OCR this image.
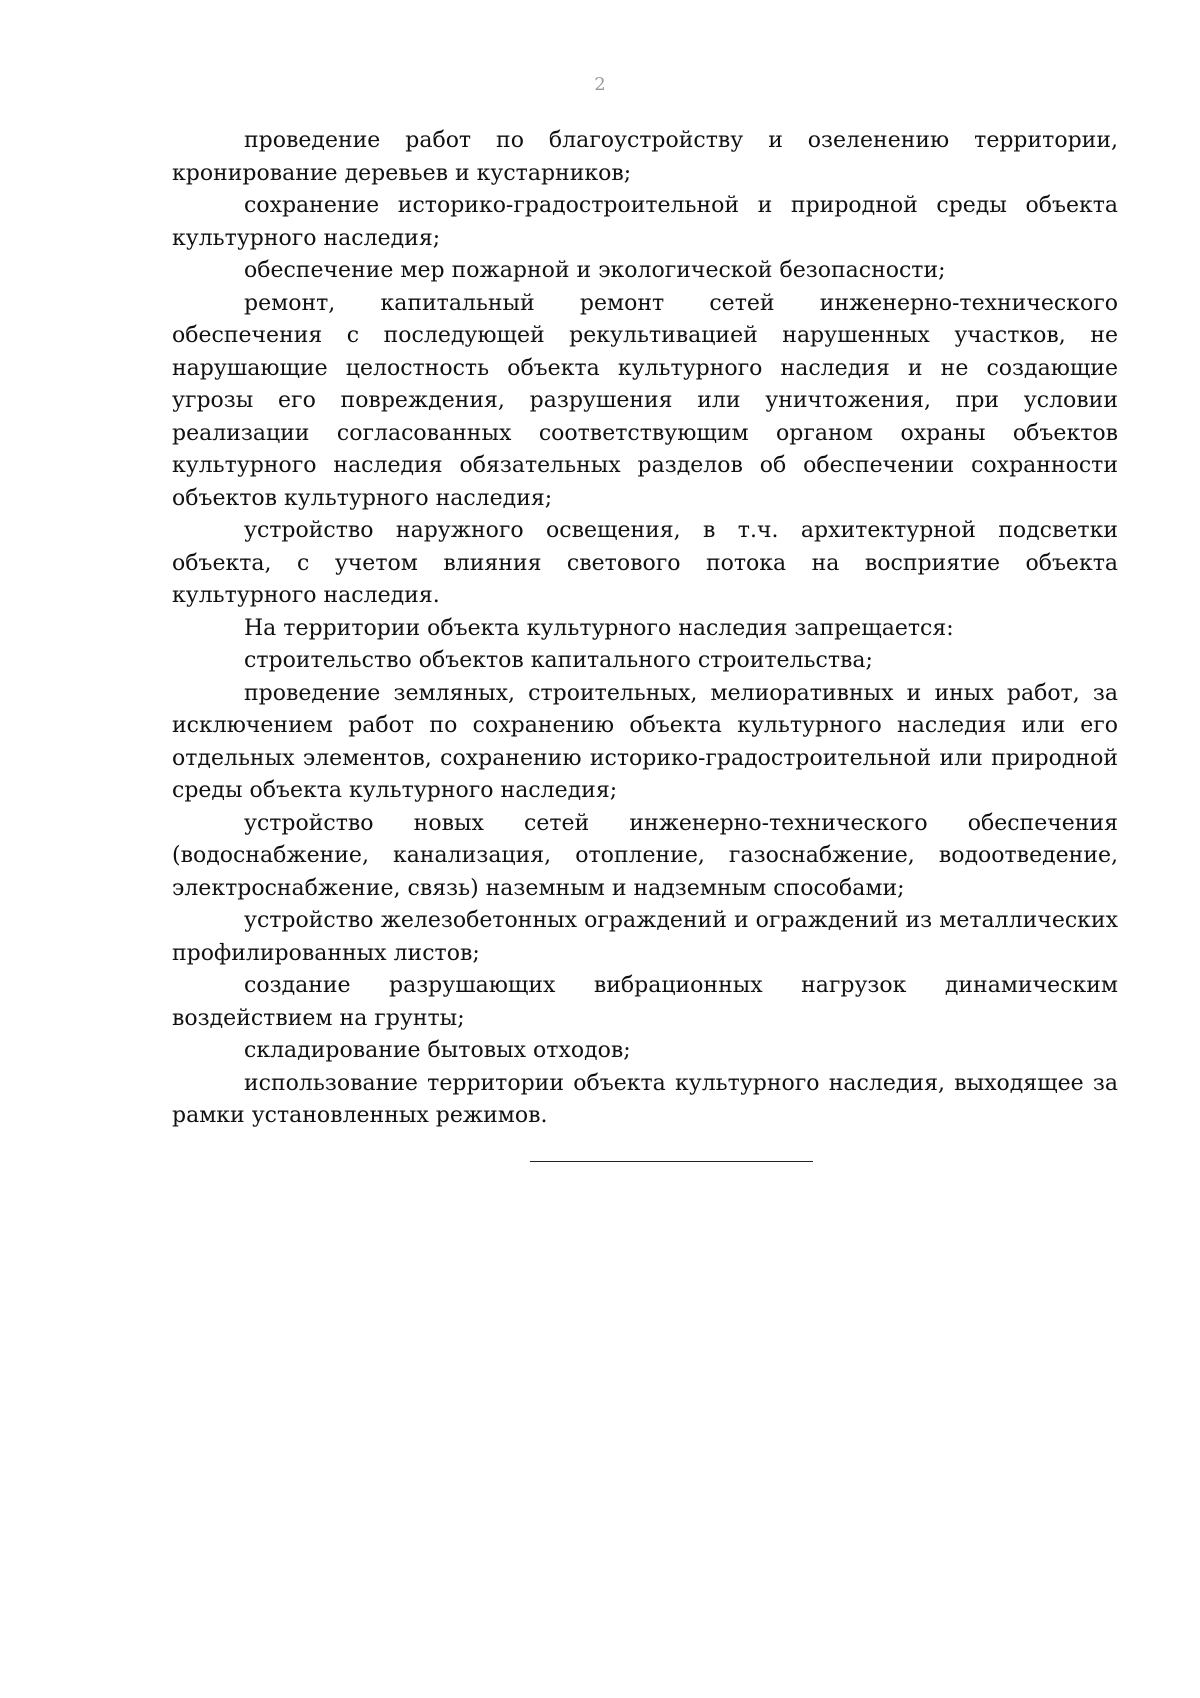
2

проведение работ по благоустройству и озеленению территории, кронирование деревьев и кустарников;

сохранение историко-градостроительной и природной среды объекта культурного наследия;

обеспечение мер пожарной и экологической безопасности;

ремонт, капитальный ремонт сетей инженерно-технического обеспечения с последующей рекультивацией нарушенных участков, не нарушающие целостность объекта культурного наследия и не создающие угрозы его повреждения, разрушения или уничтожения, при условии реализации согласованных соответствующим органом охраны объектов культурного наследия обязательных разделов об обеспечении сохранности объектов культурного наследия;

устройство наружного освещения, в т.ч. архитектурной подсветки объекта, с учетом влияния светового потока на восприятие объекта культурного наследия.

На территории объекта культурного наследия запрещается:

строительство объектов капитального строительства;

проведение земляных, строительных, мелиоративных и иных работ, за исключением работ по сохранению объекта культурного наследия или его отдельных элементов, сохранению историко-градостроительной или природной среды объекта культурного наследия;

устройство новых сетей инженерно-технического обеспечения (водоснабжение, канализация, отопление, газоснабжение, водоотведение, электроснабжение, связь) наземным и надземным способами;

устройство железобетонных ограждений и ограждений из металлических профилированных листов;

создание разрушающих вибрационных нагрузок динамическим воздействием на грунты;

складирование бытовых отходов;

использование территории объекта культурного наследия, выходящее за рамки установленных режимов.
